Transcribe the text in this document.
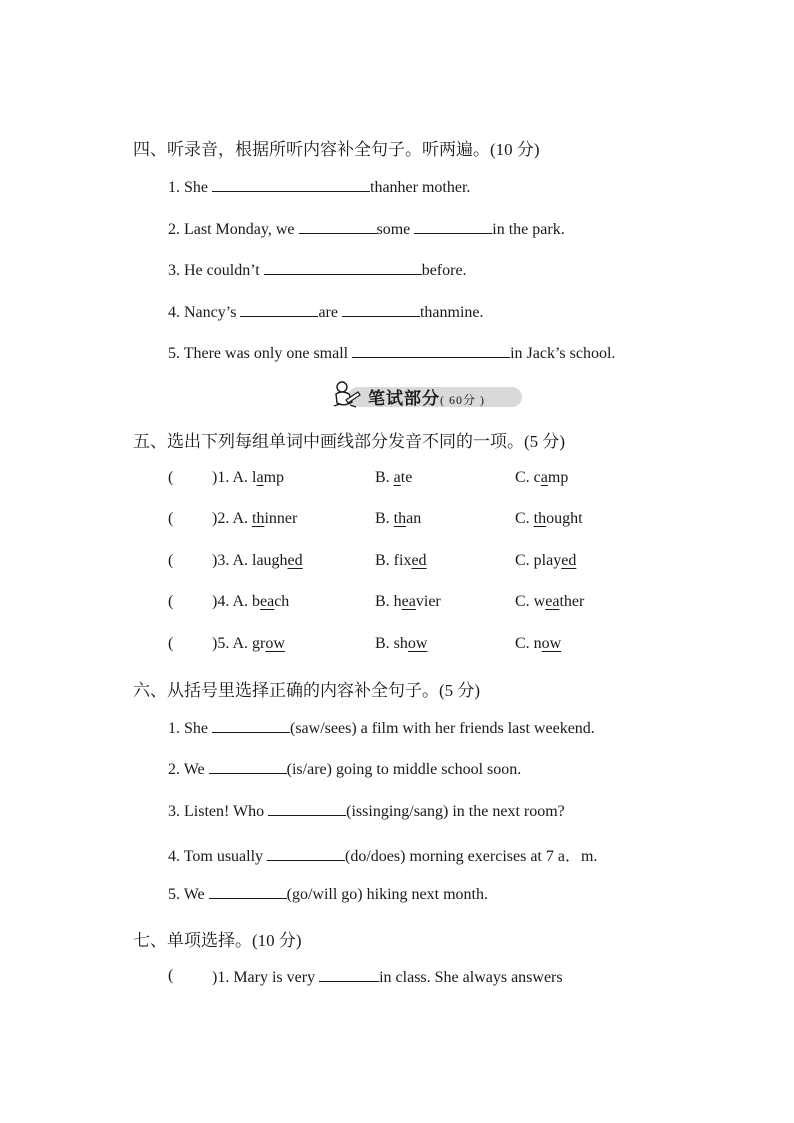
四、听录音，根据所听内容补全句子。听两遍。(10 分)
1. She	thanher mother.
2. Last Monday, we	some	in the park.
3. He couldn’t	before.
4. Nancy’s	are	thanmine.
5. There was only one small	in Jack’s school.
笔试部分( 60分 )
五、选出下列每组单词中画线部分发音不同的一项。(5 分)
( )1. A. lamp	B. ate	C. camp
( )2. A. thinner	B. than	C. thought
( )3. A. laughed	B. fixed	C. played
( )4. A. beach	B. heavier	C. weather
( )5. A. grow	B. show	C. now
六、从括号里选择正确的内容补全句子。(5 分)
1. She	(saw/sees) a film with her friends last weekend.
2. We	(is/are) going to middle school soon.
3. Listen! Who	(issinging/sang) in the next room?
4. Tom usually	(do/does) morning exercises at 7 a．m.
5. We	(go/will go) hiking next month.
七、单项选择。(10 分)
( )1. Mary is very	in class. She always answers
